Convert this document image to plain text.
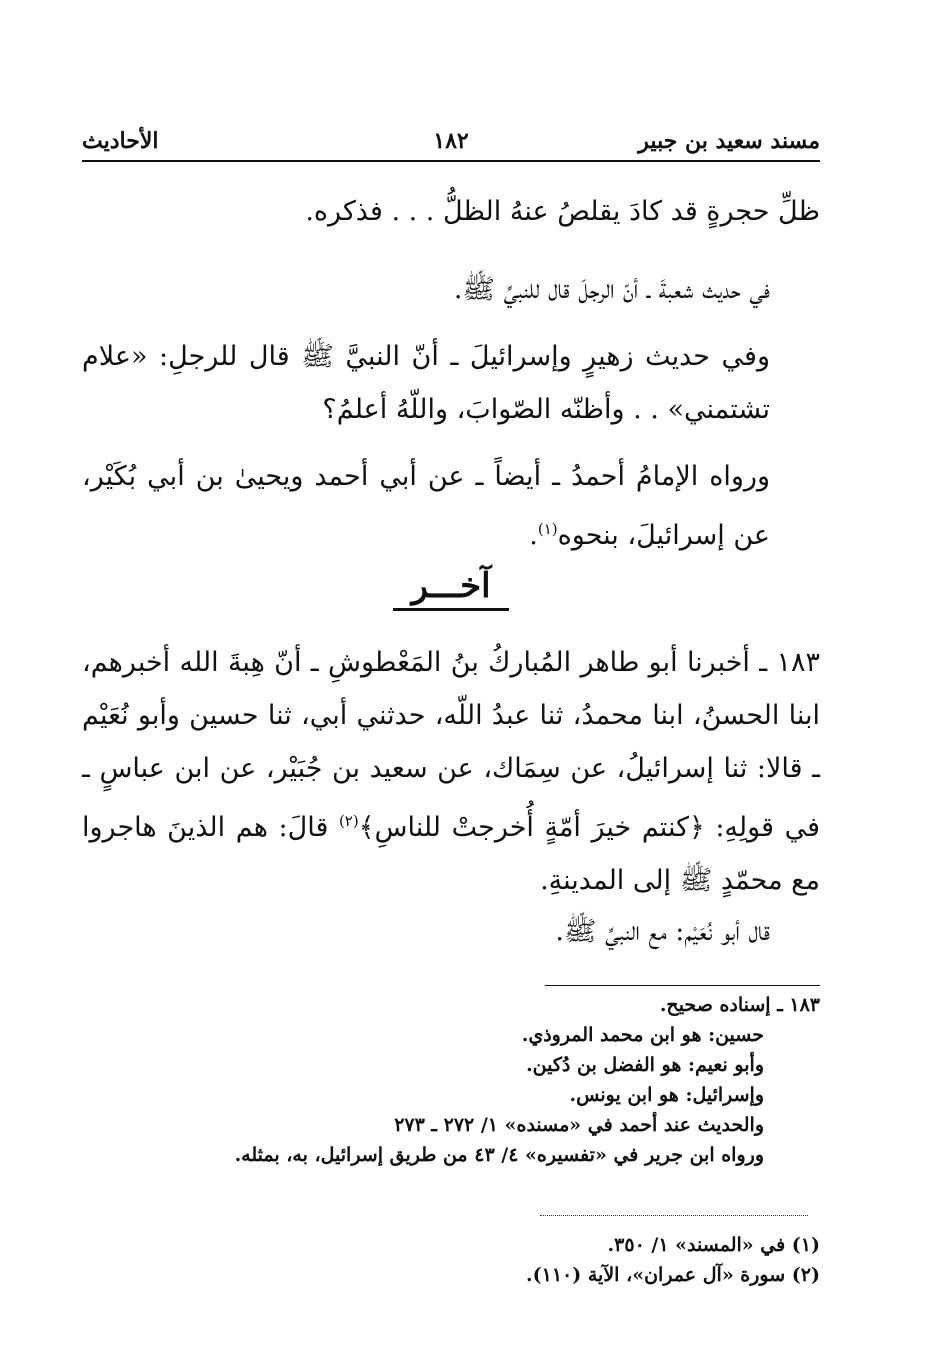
مسند سعيد بن جبير
١٨٢
الأحاديث
ظلِّ حجرةٍ قد كادَ يقلصُ عنهُ الظلُّ . . . فذكره.
في حديث شعبةَ ـ أنّ الرجلَ قال للنبيِّ ﷺ.
وفي حديث زهيرٍ وإسرائيلَ ـ أنّ النبيَّ ﷺ قال للرجلِ: «علام تشتمني» . . وأظنّه الصّوابَ، واللّهُ أعلمُ؟
ورواه الإمامُ أحمدُ ـ أيضاً ـ عن أبي أحمد ويحيىٰ بن أبي بُكَيْر، عن إسرائيلَ، بنحوه$^{(١)}$.
آخـــر
١٨٣ ـ أخبرنا أبو طاهر المُباركُ بنُ المَعْطوشِ ـ أنّ هِبةَ الله أخبرهم، ابنا الحسنُ، ابنا محمدُ، ثنا عبدُ اللّه، حدثني أبي، ثنا حسين وأبو نُعَيْم ـ قالا: ثنا إسرائيلُ، عن سِمَاك، عن سعيد بن جُبَيْر، عن ابن عباسٍ ـ في قولِهِ: ﴿كنتم خيرَ أمّةٍ أُخرجتْ للناسِ﴾$^{(٢)}$ قالَ: هم الذينَ هاجروا مع محمّدٍ ﷺ إلى المدينةِ.
قال أبو نُعَيْم: مع النبيِّ ﷺ.
١٨٣ ـ إسناده صحيح.
حسين: هو ابن محمد المروذي.
وأبو نعيم: هو الفضل بن دُكين.
وإسرائيل: هو ابن يونس.
والحديث عند أحمد في «مسنده» ١/ ٢٧٢ ـ ٢٧٣
ورواه ابن جرير في «تفسيره» ٤/ ٤٣ من طريق إسرائيل، به، بمثله.
(١) في «المسند» ١/ ٣٥٠.
(٢) سورة «آل عمران»، الآية (١١٠).
